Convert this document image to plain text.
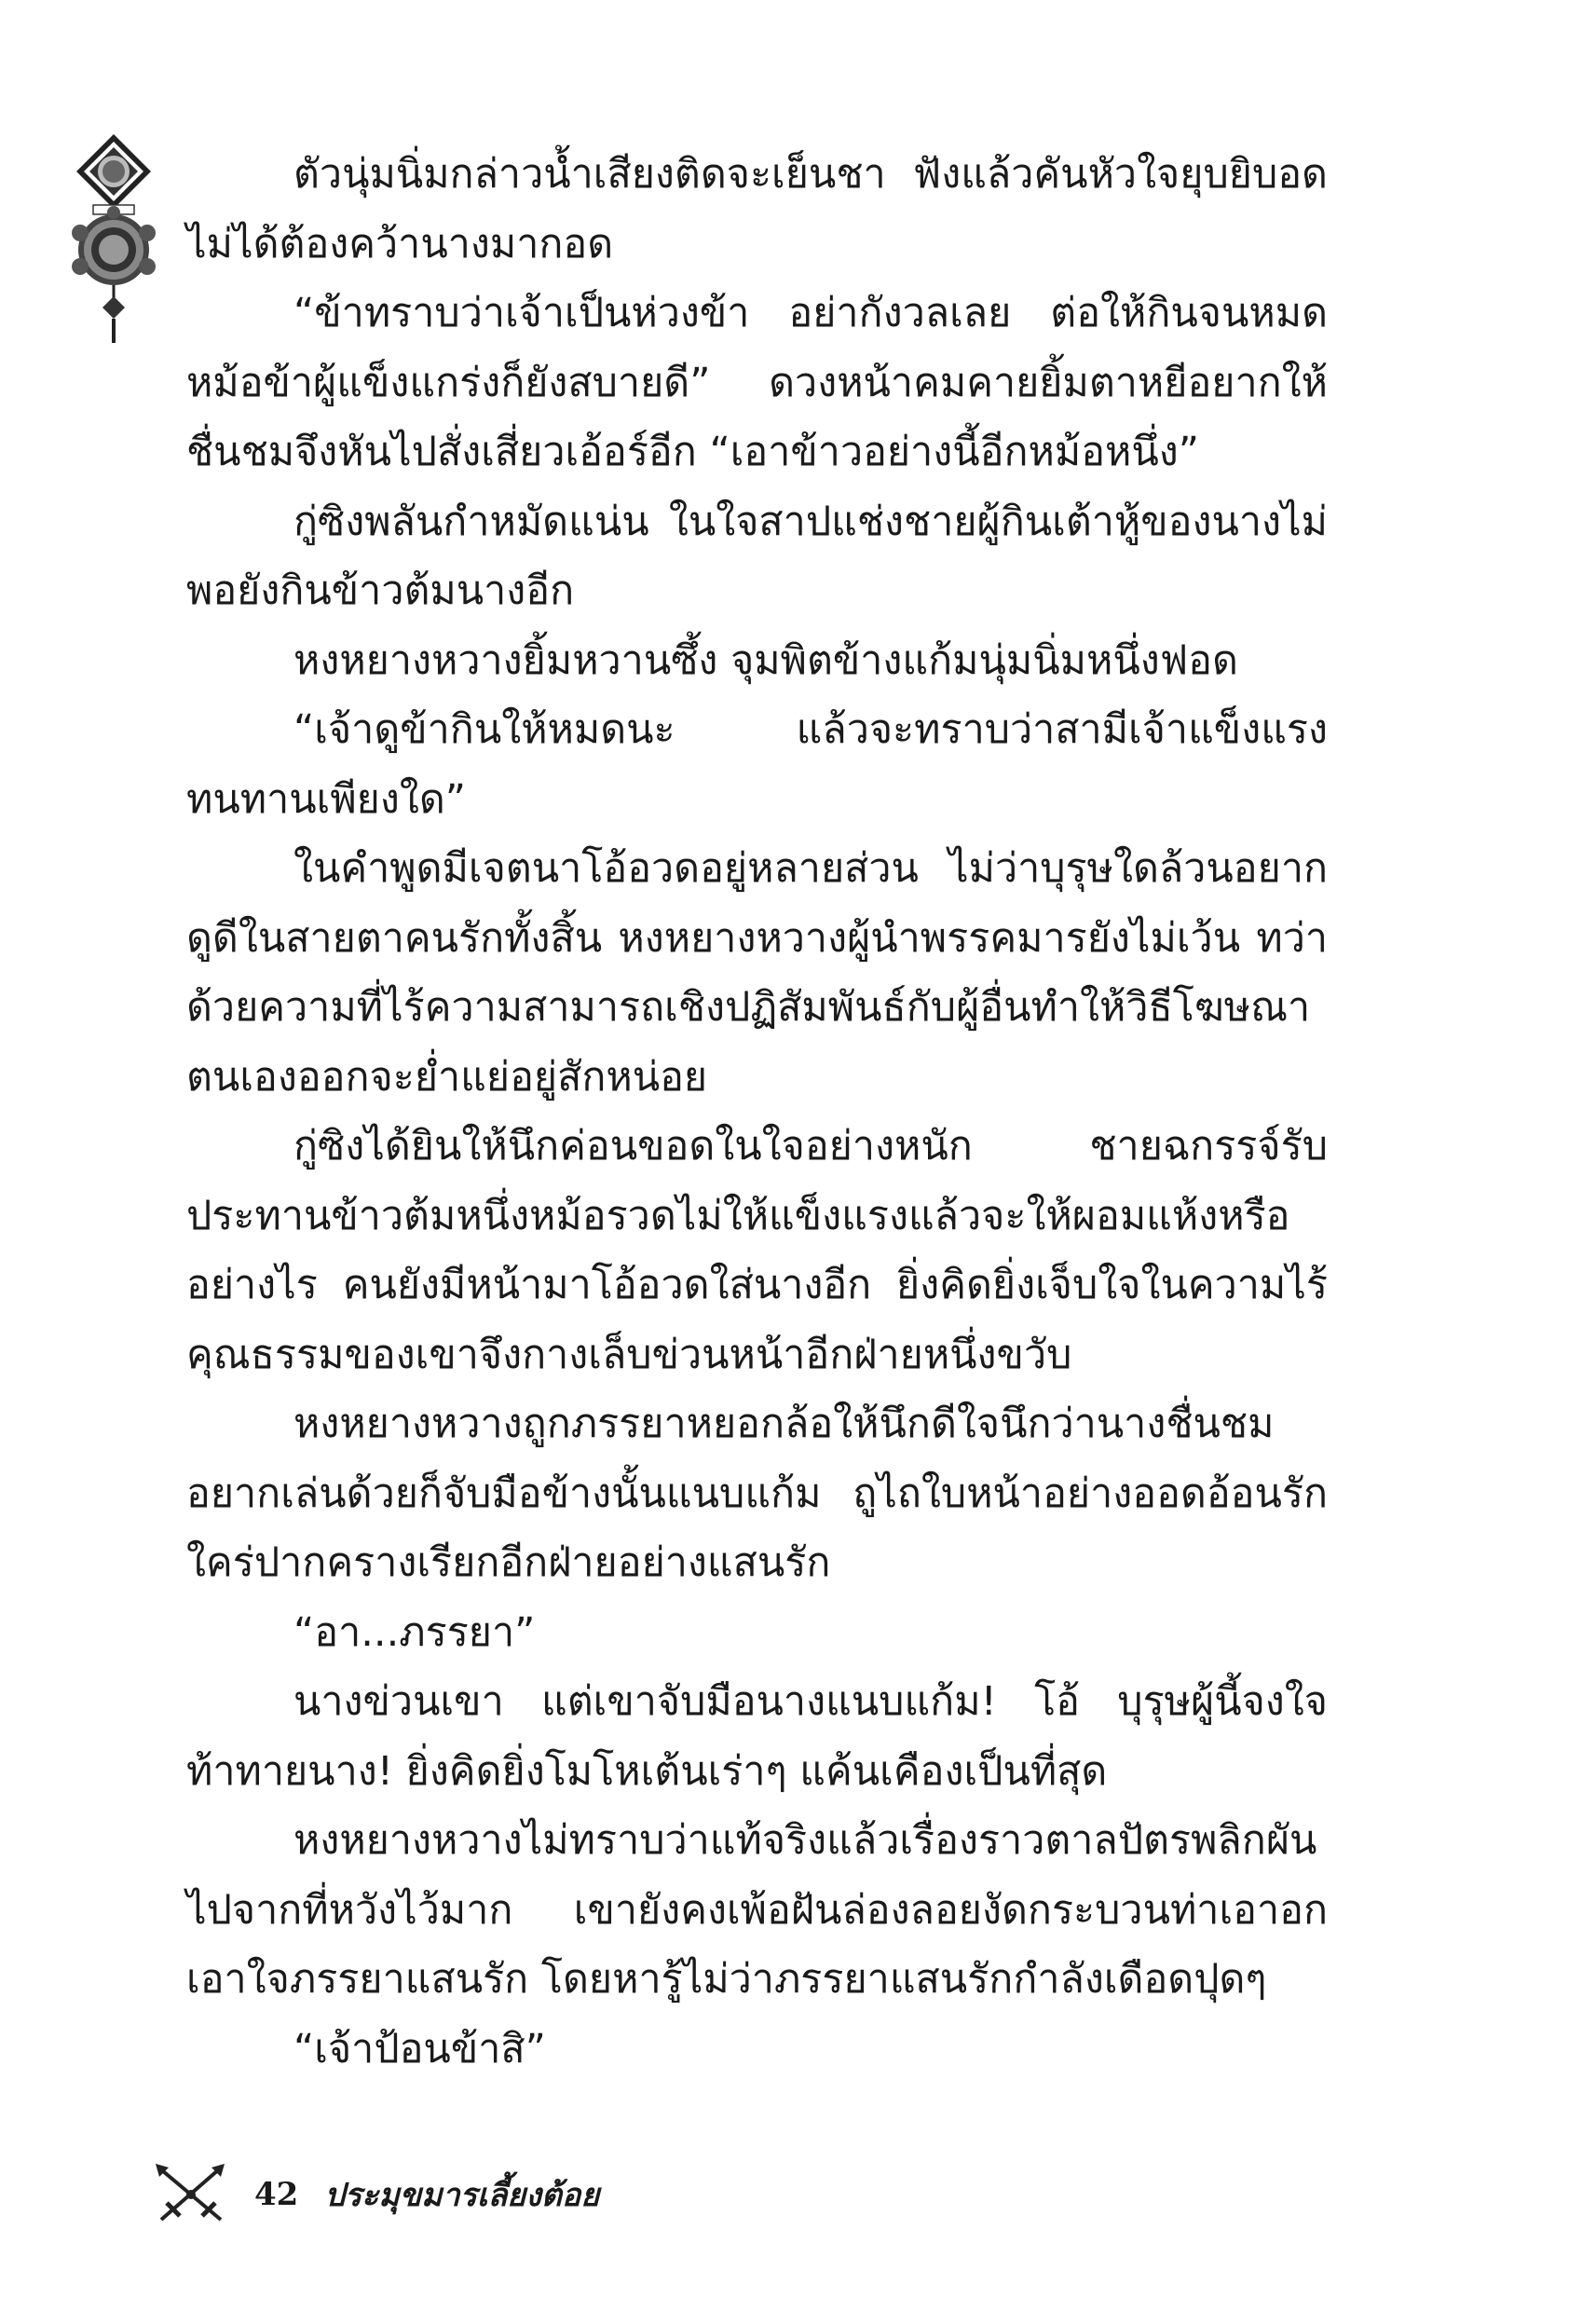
ตัวนุ่มนิ่มกล่าวน้ำเสียงติดจะเย็นชา ฟังแล้วคันหัวใจยุบยิบอดไม่ได้ต้องคว้านางมากอด

“ข้าทราบว่าเจ้าเป็นห่วงข้า อย่ากังวลเลย ต่อให้กินจนหมดหม้อข้าผู้แข็งแกร่งก็ยังสบายดี” ดวงหน้าคมคายยิ้มตาหยีอยากให้ชื่นชมจึงหันไปสั่งเสี่ยวเอ้อร์อีก “เอาข้าวอย่างนี้อีกหม้อหนึ่ง”

กู่ซิงพลันกำหมัดแน่น ในใจสาปแช่งชายผู้กินเต้าหู้ของนางไม่พอยังกินข้าวต้มนางอีก

หงหยางหวางยิ้มหวานซึ้ง จุมพิตข้างแก้มนุ่มนิ่มหนึ่งฟอด

“เจ้าดูข้ากินให้หมดนะ แล้วจะทราบว่าสามีเจ้าแข็งแรงทนทานเพียงใด”

ในคำพูดมีเจตนาโอ้อวดอยู่หลายส่วน ไม่ว่าบุรุษใดล้วนอยากดูดีในสายตาคนรักทั้งสิ้น หงหยางหวางผู้นำพรรคมารยังไม่เว้น ทว่าด้วยความที่ไร้ความสามารถเชิงปฏิสัมพันธ์กับผู้อื่นทำให้วิธีโฆษณาตนเองออกจะย่ำแย่อยู่สักหน่อย

กู่ซิงได้ยินให้นึกค่อนขอดในใจอย่างหนัก ชายฉกรรจ์รับประทานข้าวต้มหนึ่งหม้อรวดไม่ให้แข็งแรงแล้วจะให้ผอมแห้งหรืออย่างไร คนยังมีหน้ามาโอ้อวดใส่นางอีก ยิ่งคิดยิ่งเจ็บใจในความไร้คุณธรรมของเขาจึงกางเล็บข่วนหน้าอีกฝ่ายหนึ่งขวับ

หงหยางหวางถูกภรรยาหยอกล้อให้นึกดีใจนึกว่านางชื่นชมอยากเล่นด้วยก็จับมือข้างนั้นแนบแก้ม ถูไถใบหน้าอย่างออดอ้อนรักใคร่ปากครางเรียกอีกฝ่ายอย่างแสนรัก

“อา...ภรรยา”

นางข่วนเขา แต่เขาจับมือนางแนบแก้ม! โอ้ บุรุษผู้นี้จงใจท้าทายนาง! ยิ่งคิดยิ่งโมโหเต้นเร่าๆ แค้นเคืองเป็นที่สุด

หงหยางหวางไม่ทราบว่าแท้จริงแล้วเรื่องราวตาลปัตรพลิกผันไปจากที่หวังไว้มาก เขายังคงเพ้อฝันล่องลอยงัดกระบวนท่าเอาอกเอาใจภรรยาแสนรัก โดยหารู้ไม่ว่าภรรยาแสนรักกำลังเดือดปุดๆ

“เจ้าป้อนข้าสิ”

42 ประมุขมารเลี้ยงต้อย
